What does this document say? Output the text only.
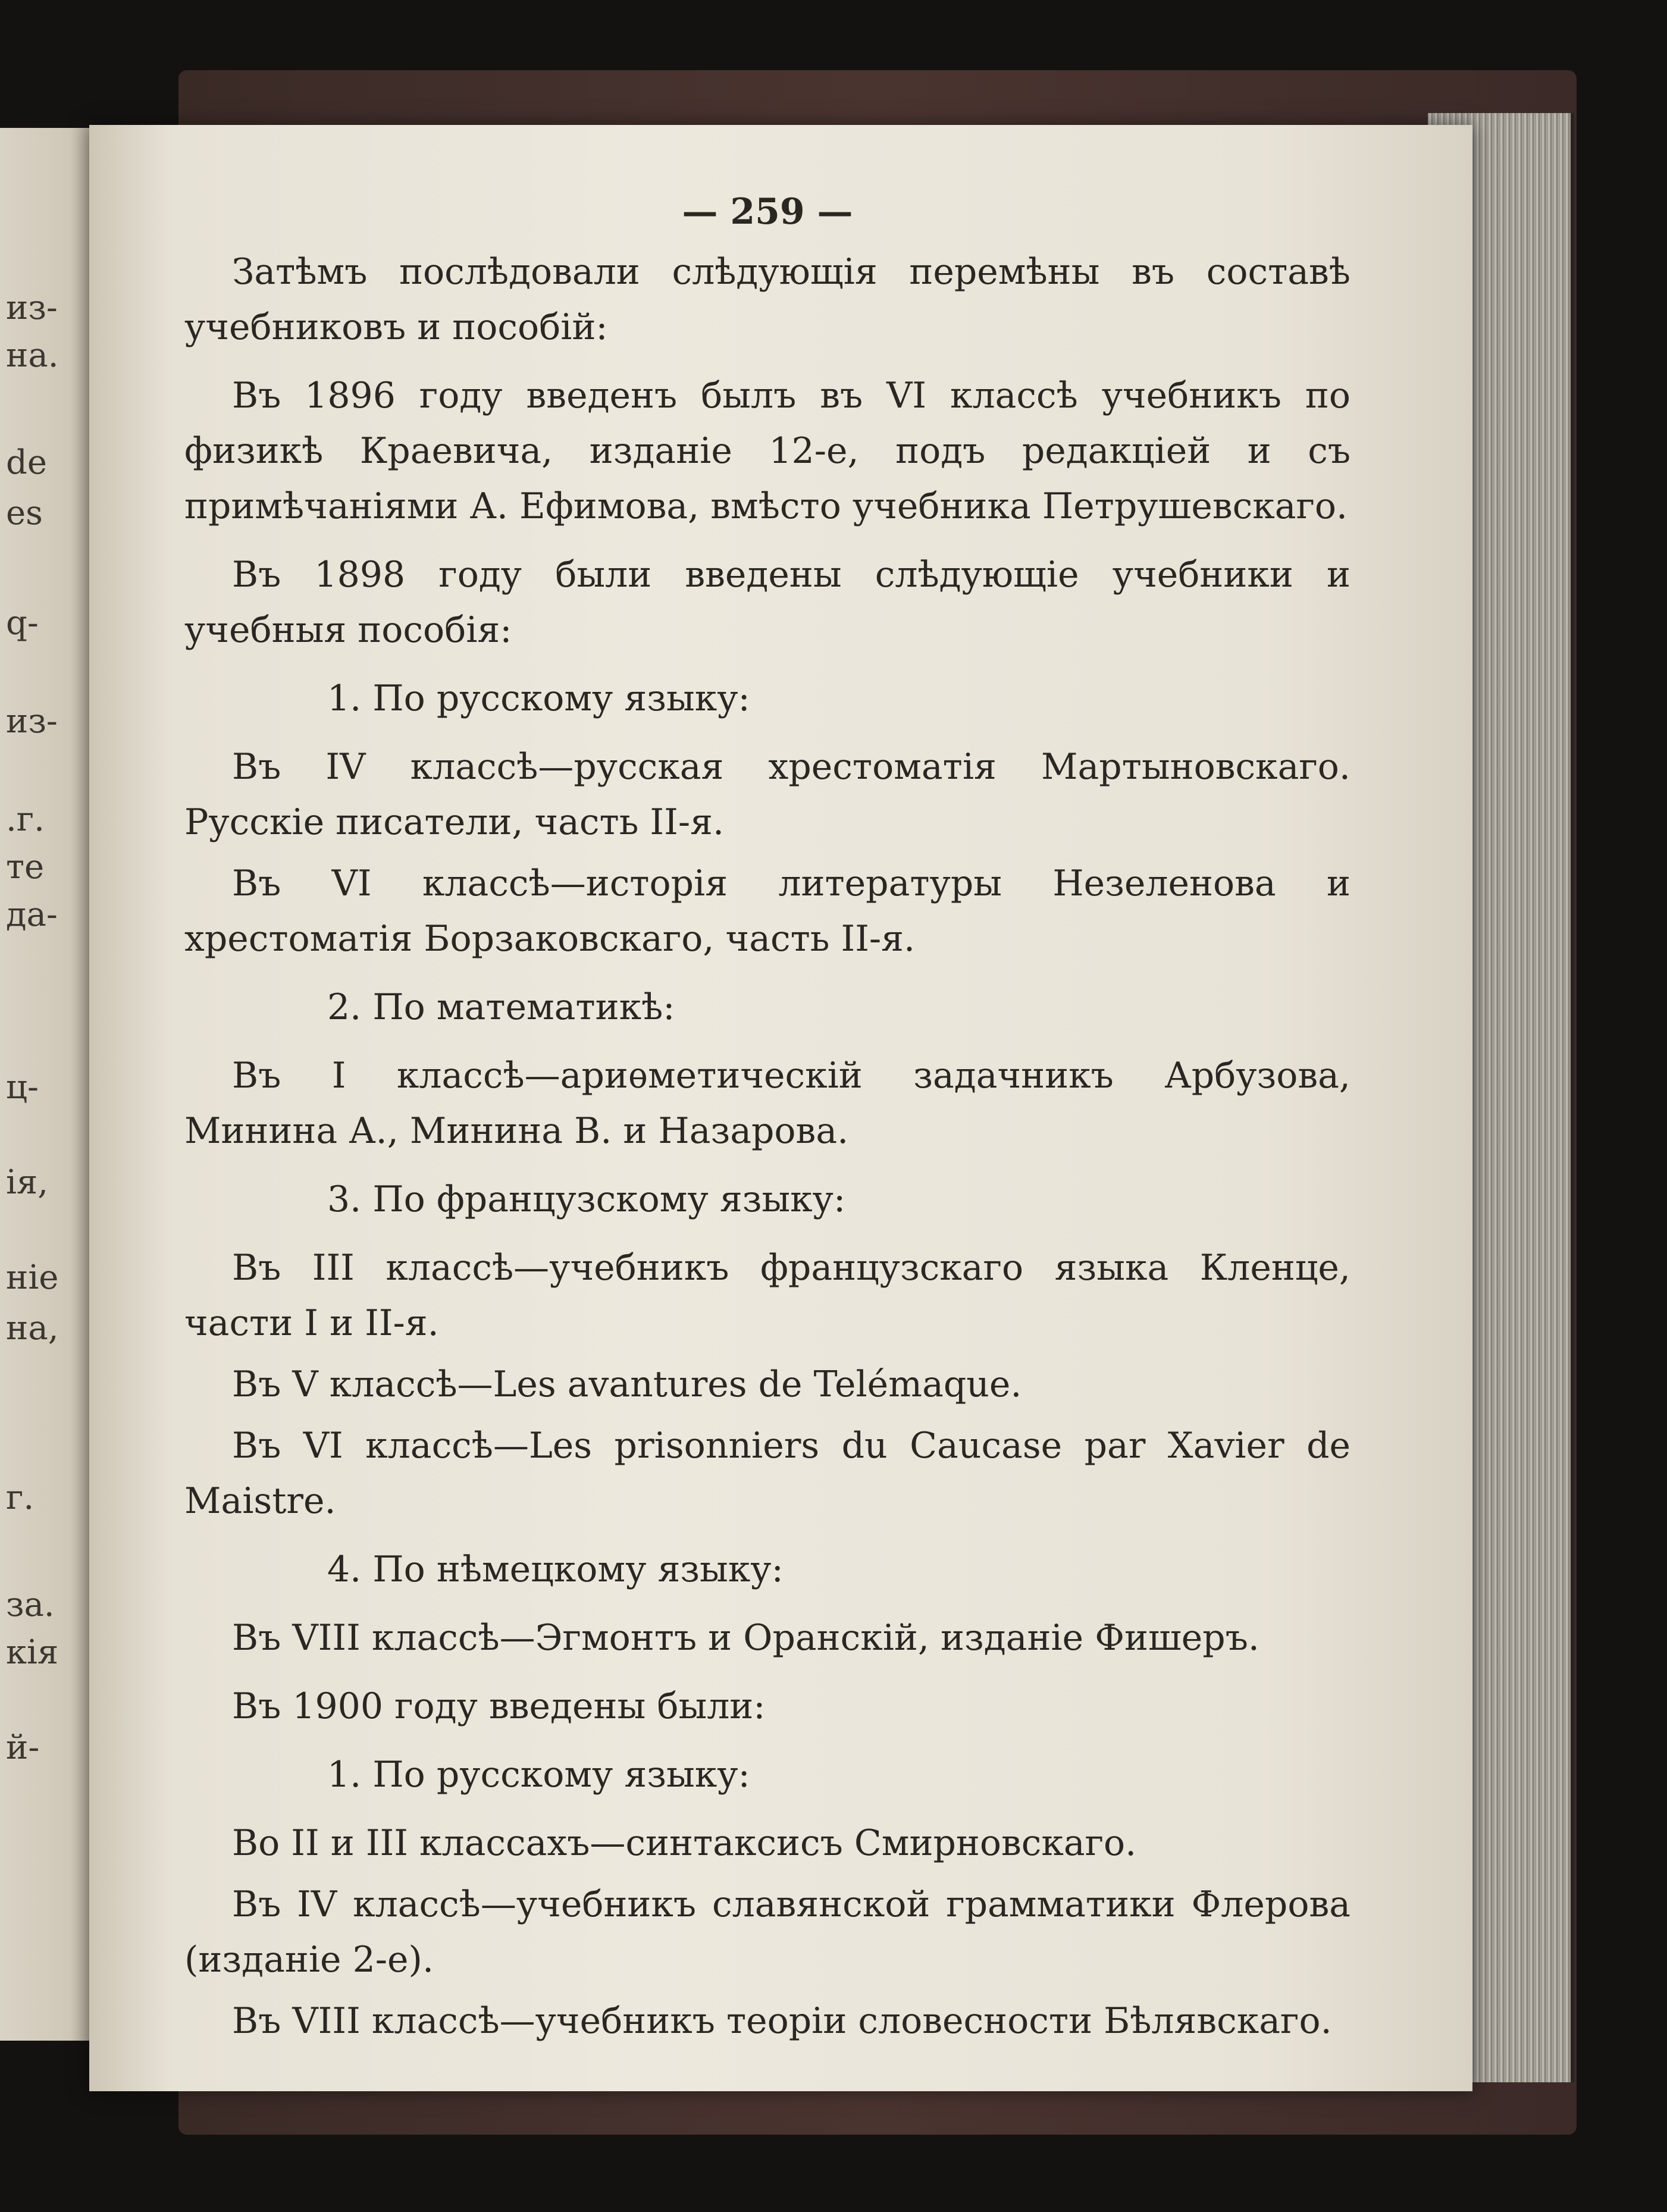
из-
на.
de
es
q-
из-
.г.
те
да-
ц-
ія,
ніе
на,
г.
за.
кія
й-
— 259 —
Затѣмъ послѣдовали слѣдующія перемѣны въ составѣ учебниковъ и пособій:
Въ 1896 году введенъ былъ въ VI классѣ учебникъ по физикѣ Краевича, изданіе 12-е, подъ редакціей и съ примѣчаніями А. Ефимова, вмѣсто учебника Петрушевскаго.
Въ 1898 году были введены слѣдующіе учебники и учебныя пособія:
1. По русскому языку:
Въ IV классѣ—русская хрестоматія Мартыновскаго. Русскіе писатели, часть II-я.
Въ VI классѣ—исторія литературы Незеленова и хрестоматія Борзаковскаго, часть II-я.
2. По математикѣ:
Въ I классѣ—ариѳметическій задачникъ Арбузова, Минина А., Минина В. и Назарова.
3. По французскому языку:
Въ III классѣ—учебникъ французскаго языка Кленце, части I и II-я.
Въ V классѣ—Les avantures de Telémaque.
Въ VI классѣ—Les prisonniers du Caucase par Xavier de Maistre.
4. По нѣмецкому языку:
Въ VIII классѣ—Эгмонтъ и Оранскій, изданіе Фишеръ.
Въ 1900 году введены были:
1. По русскому языку:
Во II и III классахъ—синтаксисъ Смирновскаго.
Въ IV классѣ—учебникъ славянской грамматики Флерова (изданіе 2-е).
Въ VIII классѣ—учебникъ теоріи словесности Бѣлявскаго.
